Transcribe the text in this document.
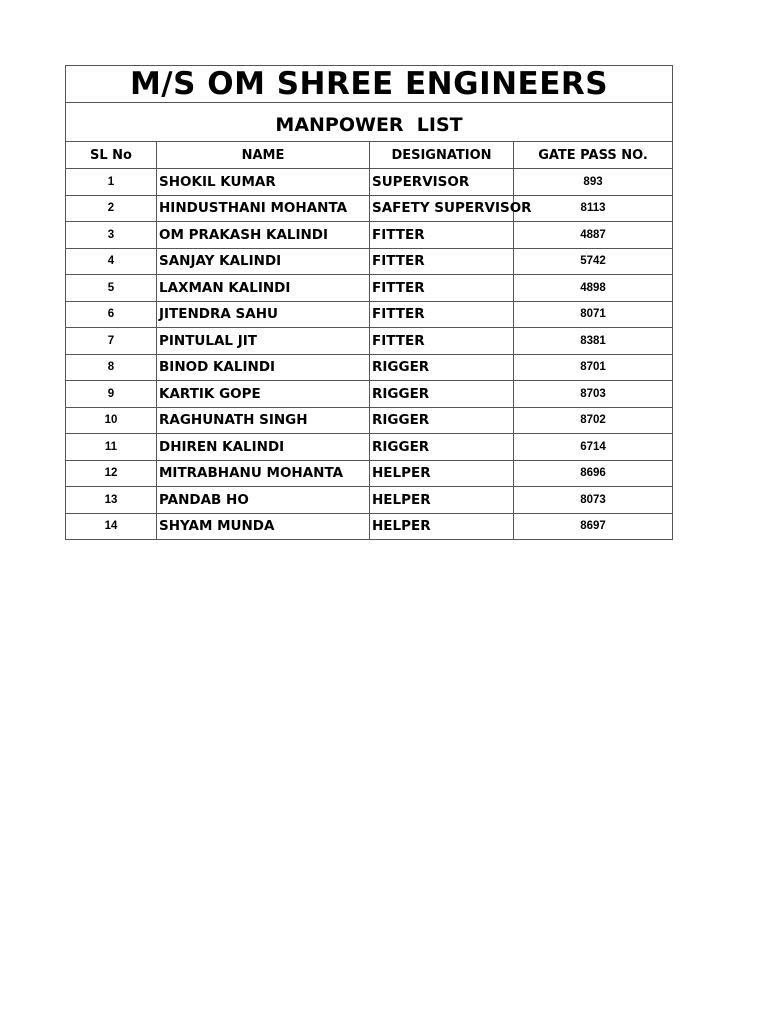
M/S OM SHREE ENGINEERS			
MANPOWER  LIST			
SL No	NAME	DESIGNATION	GATE PASS NO.
1	SHOKIL KUMAR	SUPERVISOR	893
2	HINDUSTHANI MOHANTA	SAFETY SUPERVISOR	8113
3	OM PRAKASH KALINDI	FITTER	4887
4	SANJAY KALINDI	FITTER	5742
5	LAXMAN KALINDI	FITTER	4898
6	JITENDRA SAHU	FITTER	8071
7	PINTULAL JIT	FITTER	8381
8	BINOD KALINDI	RIGGER	8701
9	KARTIK GOPE	RIGGER	8703
10	RAGHUNATH SINGH	RIGGER	8702
11	DHIREN KALINDI	RIGGER	6714
12	MITRABHANU MOHANTA	HELPER	8696
13	PANDAB HO	HELPER	8073
14	SHYAM MUNDA	HELPER	8697
